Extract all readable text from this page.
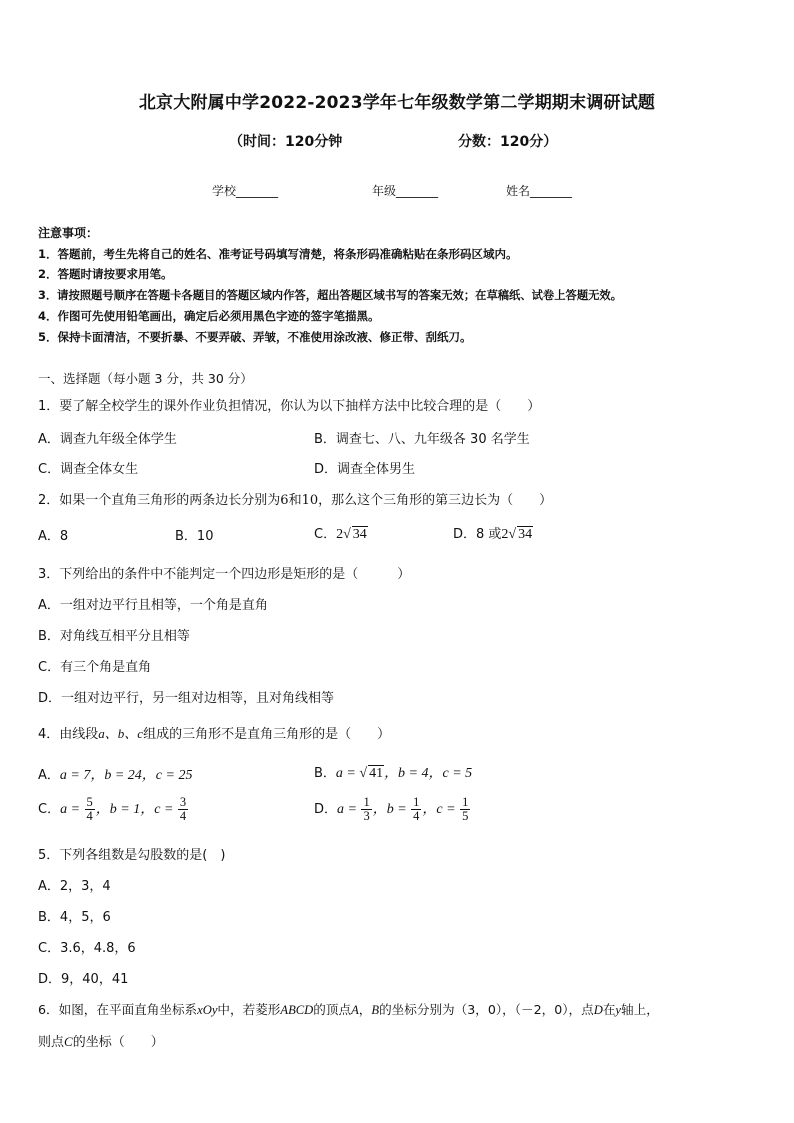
北京大附属中学2022-2023学年七年级数学第二学期期末调研试题
（时间：120分钟	分数：120分）
学校_______	年级_______	姓名_______
注意事项：
1．答题前，考生先将自己的姓名、准考证号码填写清楚，将条形码准确粘贴在条形码区域内。
2．答题时请按要求用笔。
3．请按照题号顺序在答题卡各题目的答题区域内作答，超出答题区域书写的答案无效；在草稿纸、试卷上答题无效。
4．作图可先使用铅笔画出，确定后必须用黑色字迹的签字笔描黑。
5．保持卡面清洁，不要折暴、不要弄破、弄皱，不准使用涂改液、修正带、刮纸刀。
一、选择题（每小题 3 分，共 30 分）
1．要了解全校学生的课外作业负担情况，你认为以下抽样方法中比较合理的是（　　）
A．调查九年级全体学生	B．调查七、八、九年级各 30 名学生
C．调查全体女生	D．调查全体男生
2．如果一个直角三角形的两条边长分别为6和10，那么这个三角形的第三边长为（　　）
A．8	B．10	C．2√ 34	D．8 或2√ 34
3．下列给出的条件中不能判定一个四边形是矩形的是（　　　）
A．一组对边平行且相等，一个角是直角
B．对角线互相平分且相等
C．有三个角是直角
D．一组对边平行，另一组对边相等，且对角线相等
4．由线段a、b、c组成的三角形不是直角三角形的是（　　）
A．a = 7，b = 24，c = 25	B．a = √ 41，b = 4，c = 5
C．$a = \frac{5}{4}$ ，b = 1，$c = \frac{3}{4}$	D．$a = \frac{1}{3}$ ，$b = \frac{1}{4}$ ，$c = \frac{1}{5}$
5．下列各组数是勾股数的是(　)
A．2，3，4
B．4，5，6
C．3.6，4.8，6
D．9，40，41
6．如图，在平面直角坐标系xOy中，若菱形ABCD的顶点A，B的坐标分别为（3，0），（－2，0），点D在y轴上，
则点C的坐标（　　）
